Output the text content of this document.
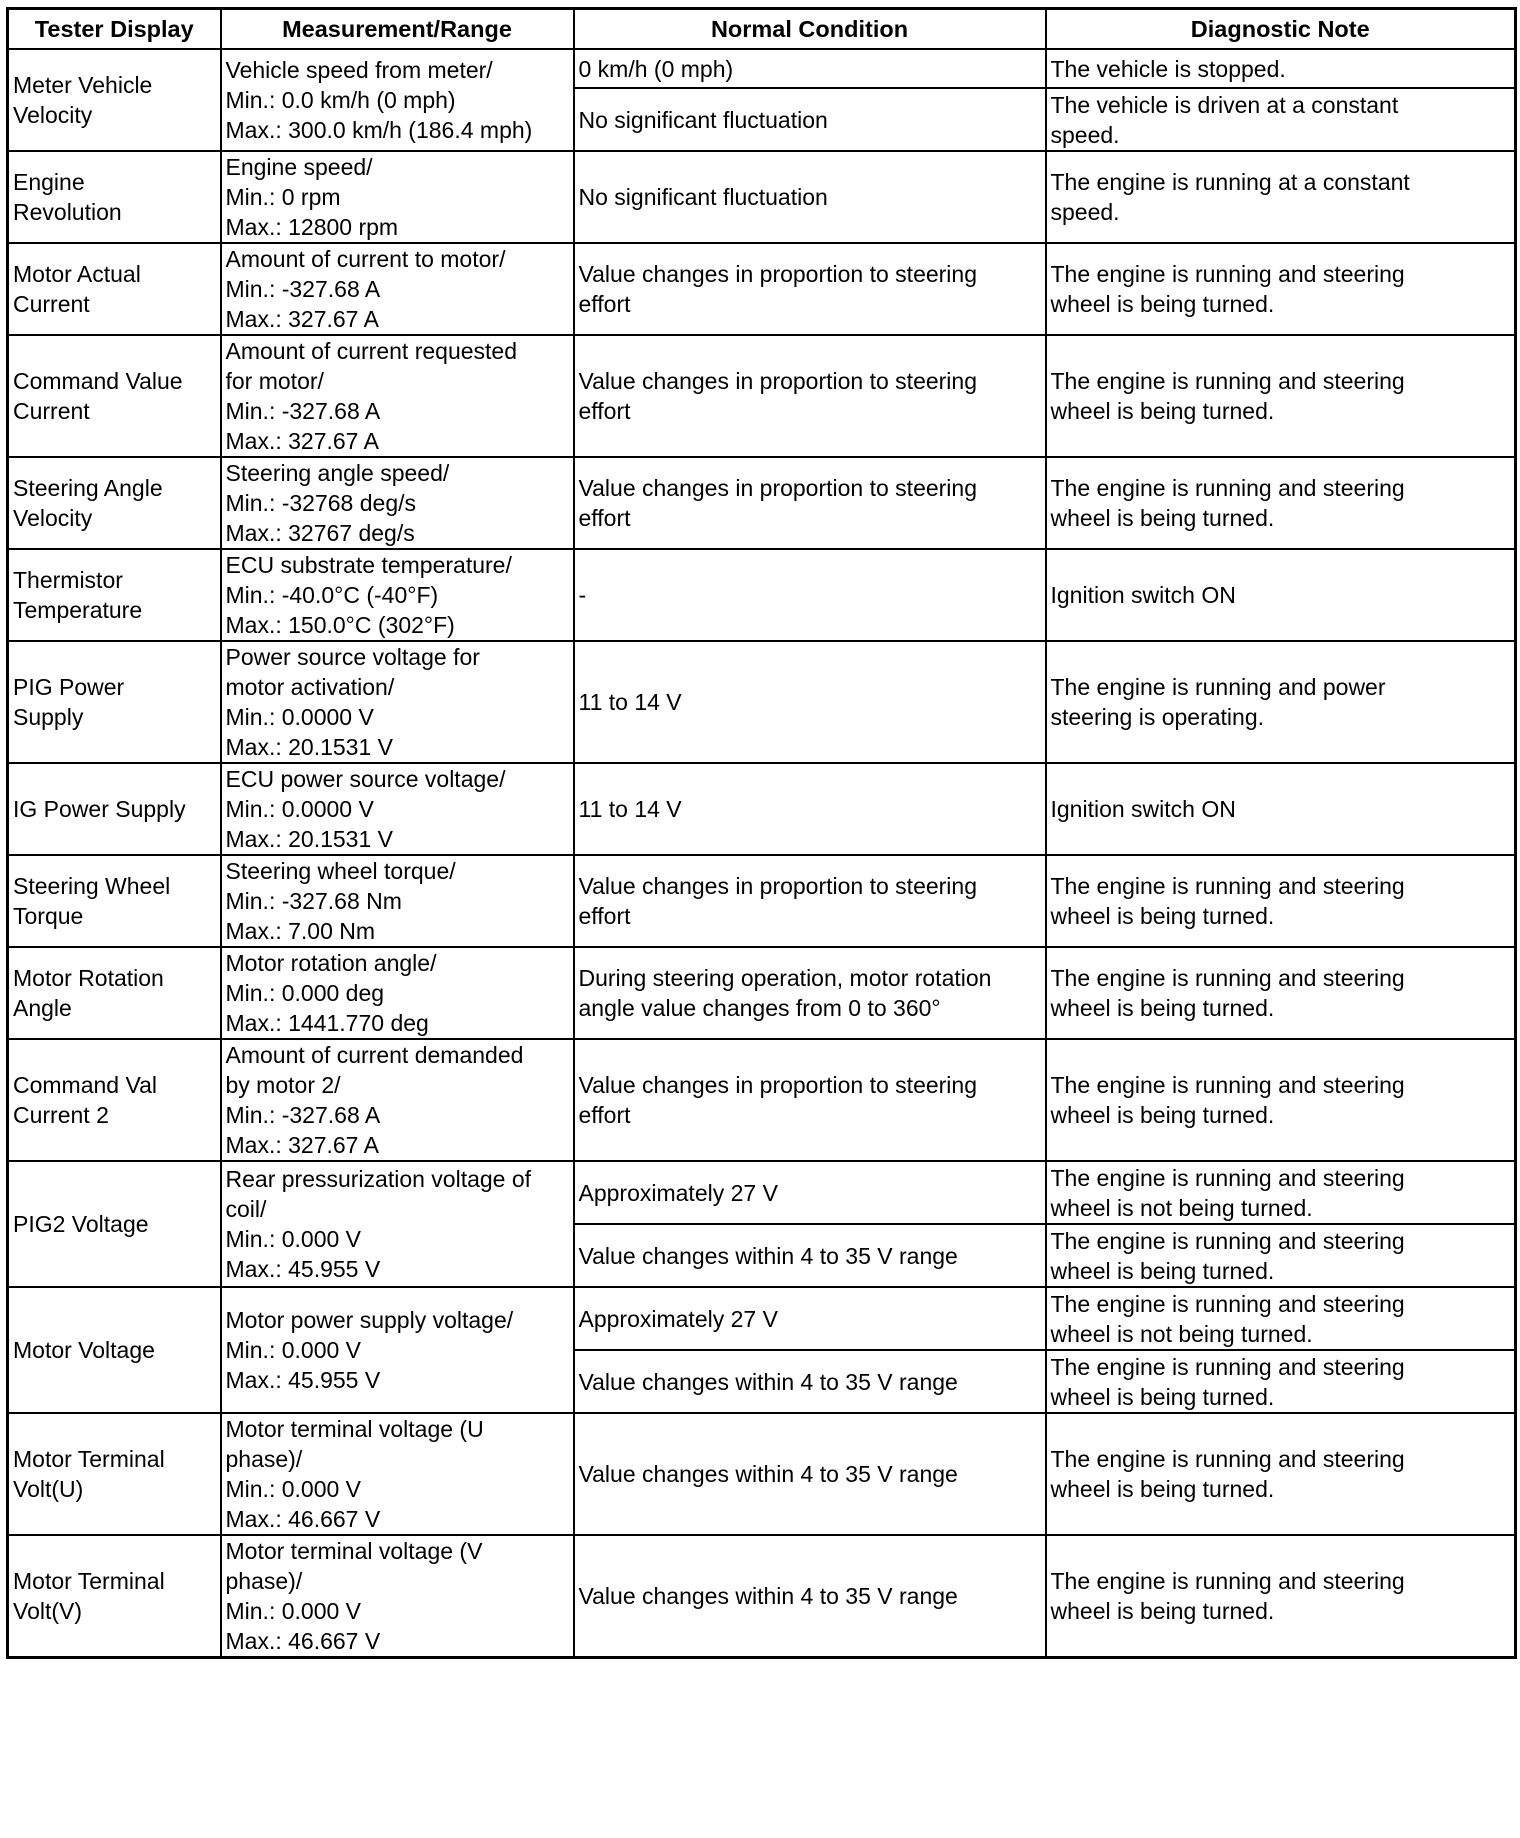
Tester Display	Measurement/Range	Normal Condition	Diagnostic Note

Meter Vehicle
Velocity	Vehicle speed from meter/
Min.: 0.0 km/h (0 mph)
Max.: 300.0 km/h (186.4 mph)	0 km/h (0 mph)	The vehicle is stopped.

		No significant fluctuation	The vehicle is driven at a constant
speed.

Engine
Revolution	Engine speed/
Min.: 0 rpm
Max.: 12800 rpm	No significant fluctuation	The engine is running at a constant
speed.

Motor Actual
Current	Amount of current to motor/
Min.: -327.68 A
Max.: 327.67 A	Value changes in proportion to steering
effort	The engine is running and steering
wheel is being turned.

Command Value
Current	Amount of current requested
for motor/
Min.: -327.68 A
Max.: 327.67 A	Value changes in proportion to steering
effort	The engine is running and steering
wheel is being turned.

Steering Angle
Velocity	Steering angle speed/
Min.: -32768 deg/s
Max.: 32767 deg/s	Value changes in proportion to steering
effort	The engine is running and steering
wheel is being turned.

Thermistor
Temperature	ECU substrate temperature/
Min.: -40.0°C (-40°F)
Max.: 150.0°C (302°F)	-	Ignition switch ON

PIG Power
Supply	Power source voltage for
motor activation/
Min.: 0.0000 V
Max.: 20.1531 V	11 to 14 V	The engine is running and power
steering is operating.

IG Power Supply	ECU power source voltage/
Min.: 0.0000 V
Max.: 20.1531 V	11 to 14 V	Ignition switch ON

Steering Wheel
Torque	Steering wheel torque/
Min.: -327.68 Nm
Max.: 7.00 Nm	Value changes in proportion to steering
effort	The engine is running and steering
wheel is being turned.

Motor Rotation
Angle	Motor rotation angle/
Min.: 0.000 deg
Max.: 1441.770 deg	During steering operation, motor rotation
angle value changes from 0 to 360°	The engine is running and steering
wheel is being turned.

Command Val
Current 2	Amount of current demanded
by motor 2/
Min.: -327.68 A
Max.: 327.67 A	Value changes in proportion to steering
effort	The engine is running and steering
wheel is being turned.

PIG2 Voltage	Rear pressurization voltage of
coil/
Min.: 0.000 V
Max.: 45.955 V	Approximately 27 V	The engine is running and steering
wheel is not being turned.

		Value changes within 4 to 35 V range	The engine is running and steering
wheel is being turned.

Motor Voltage	Motor power supply voltage/
Min.: 0.000 V
Max.: 45.955 V	Approximately 27 V	The engine is running and steering
wheel is not being turned.

		Value changes within 4 to 35 V range	The engine is running and steering
wheel is being turned.

Motor Terminal
Volt(U)	Motor terminal voltage (U
phase)/
Min.: 0.000 V
Max.: 46.667 V	Value changes within 4 to 35 V range	The engine is running and steering
wheel is being turned.

Motor Terminal
Volt(V)	Motor terminal voltage (V
phase)/
Min.: 0.000 V
Max.: 46.667 V	Value changes within 4 to 35 V range	The engine is running and steering
wheel is being turned.
